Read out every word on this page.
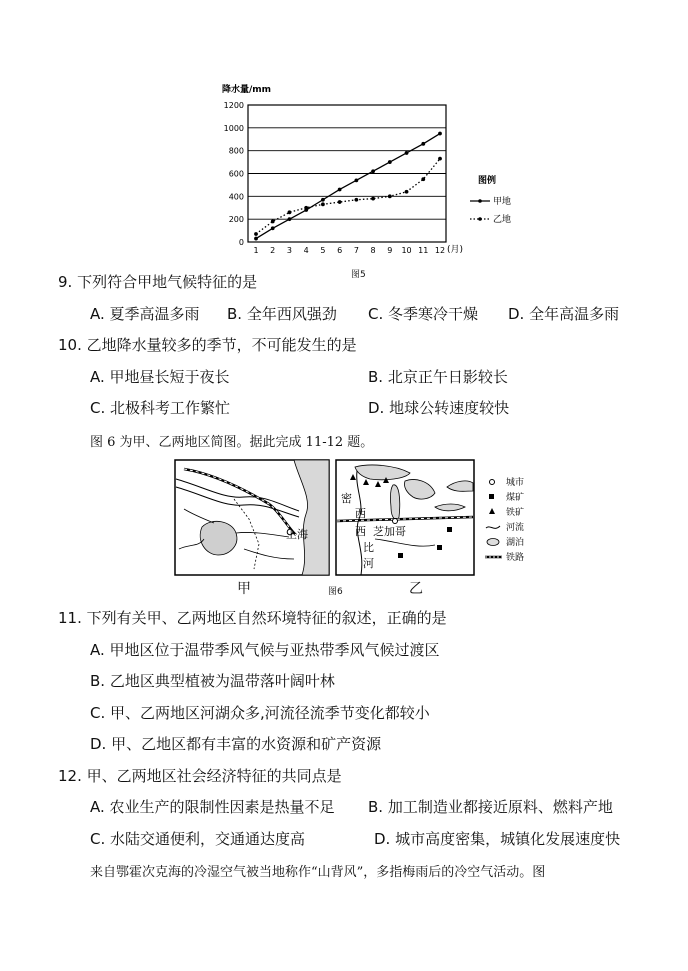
降水量/mm
0
200
400
600
800
1000
1200
1 2 3 4 5 6 7 8 9 10 11 12 (月)
图例
甲地
乙地
图5
9. 下列符合甲地气候特征的是
A. 夏季高温多雨 B. 全年西风强劲 C. 冬季寒冷干燥 D. 全年高温多雨
10. 乙地降水量较多的季节，不可能发生的是
A. 甲地昼长短于夜长	B. 北京正午日影较长
C. 北极科考工作繁忙	D. 地球公转速度较快
图 6 为甲、乙两地区简图。据此完成 11-12 题。
上海
密
西
西
比
河
芝加哥
城市
煤矿
铁矿
河流
湖泊
铁路
甲	图6	乙
11. 下列有关甲、乙两地区自然环境特征的叙述，正确的是
A. 甲地区位于温带季风气候与亚热带季风气候过渡区
B. 乙地区典型植被为温带落叶阔叶林
C. 甲、乙两地区河湖众多,河流径流季节变化都较小
D. 甲、乙地区都有丰富的水资源和矿产资源
12. 甲、乙两地区社会经济特征的共同点是
A. 农业生产的限制性因素是热量不足 B. 加工制造业都接近原料、燃料产地
C. 水陆交通便利，交通通达度高	D. 城市高度密集，城镇化发展速度快
来自鄂霍次克海的冷湿空气被当地称作“山背风”，多指梅雨后的冷空气活动。图
